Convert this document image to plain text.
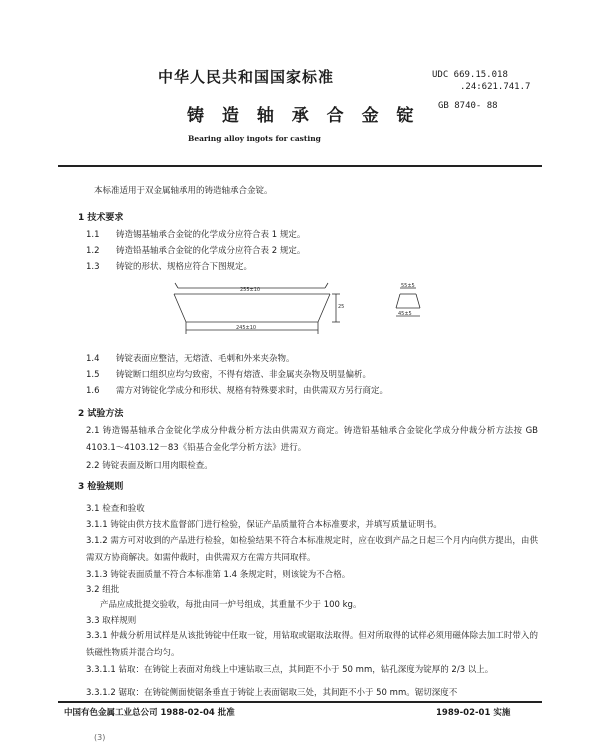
中华人民共和国国家标准	UDC 669.15.018
.24:621.741.7
铸 造 轴 承 合 金 锭 GB 8740- 88
Bearing alloy ingots for casting
本标准适用于双金属轴承用的铸造轴承合金锭。
1 技术要求
1.1 铸造锡基轴承合金锭的化学成分应符合表 1 规定。
1.2 铸造铅基轴承合金锭的化学成分应符合表 2 规定。
1.3 铸锭的形状、规格应符合下图规定。
255±10
245±10
25
55±5
45±5
1.4 铸锭表面应整洁，无熔渣、毛刺和外来夹杂物。
1.5 铸锭断口组织应均匀致密，不得有熔渣、非金属夹杂物及明显偏析。
1.6 需方对铸锭化学成分和形状、规格有特殊要求时，由供需双方另行商定。
2 试验方法
2.1 铸造锡基轴承合金锭化学成分仲裁分析方法由供需双方商定。铸造铅基轴承合金锭化学成分仲裁分析方法按 GB 4103.1～4103.12－83《铅基合金化学分析方法》进行。
2.2 铸锭表面及断口用肉眼检查。
3 检验规则
3.1 检查和验收
3.1.1 铸锭由供方技术监督部门进行检验，保证产品质量符合本标准要求，并填写质量证明书。
3.1.2 需方可对收到的产品进行检验，如检验结果不符合本标准规定时，应在收到产品之日起三个月内向供方提出，由供需双方协商解决。如需仲裁时，由供需双方在需方共同取样。
3.1.3 铸锭表面质量不符合本标准第 1.4 条规定时，则该锭为不合格。
3.2 组批
产品应成批提交验收，每批由同一炉号组成，其重量不少于 100 kg。
3.3 取样规则
3.3.1 仲裁分析用试样是从该批铸锭中任取一锭，用钻取或锯取法取得。但对所取得的试样必须用磁体除去加工时带入的铁磁性物质并混合均匀。
3.3.1.1 钻取：在铸锭上表面对角线上中速钻取三点，其间距不小于 50 mm，钻孔深度为锭厚的 2/3 以上。
3.3.1.2 锯取：在铸锭侧面使锯条垂直于铸锭上表面锯取三处，其间距不小于 50 mm。锯切深度不
中国有色金属工业总公司 1988-02-04 批准	1989-02-01 实施
(3)
